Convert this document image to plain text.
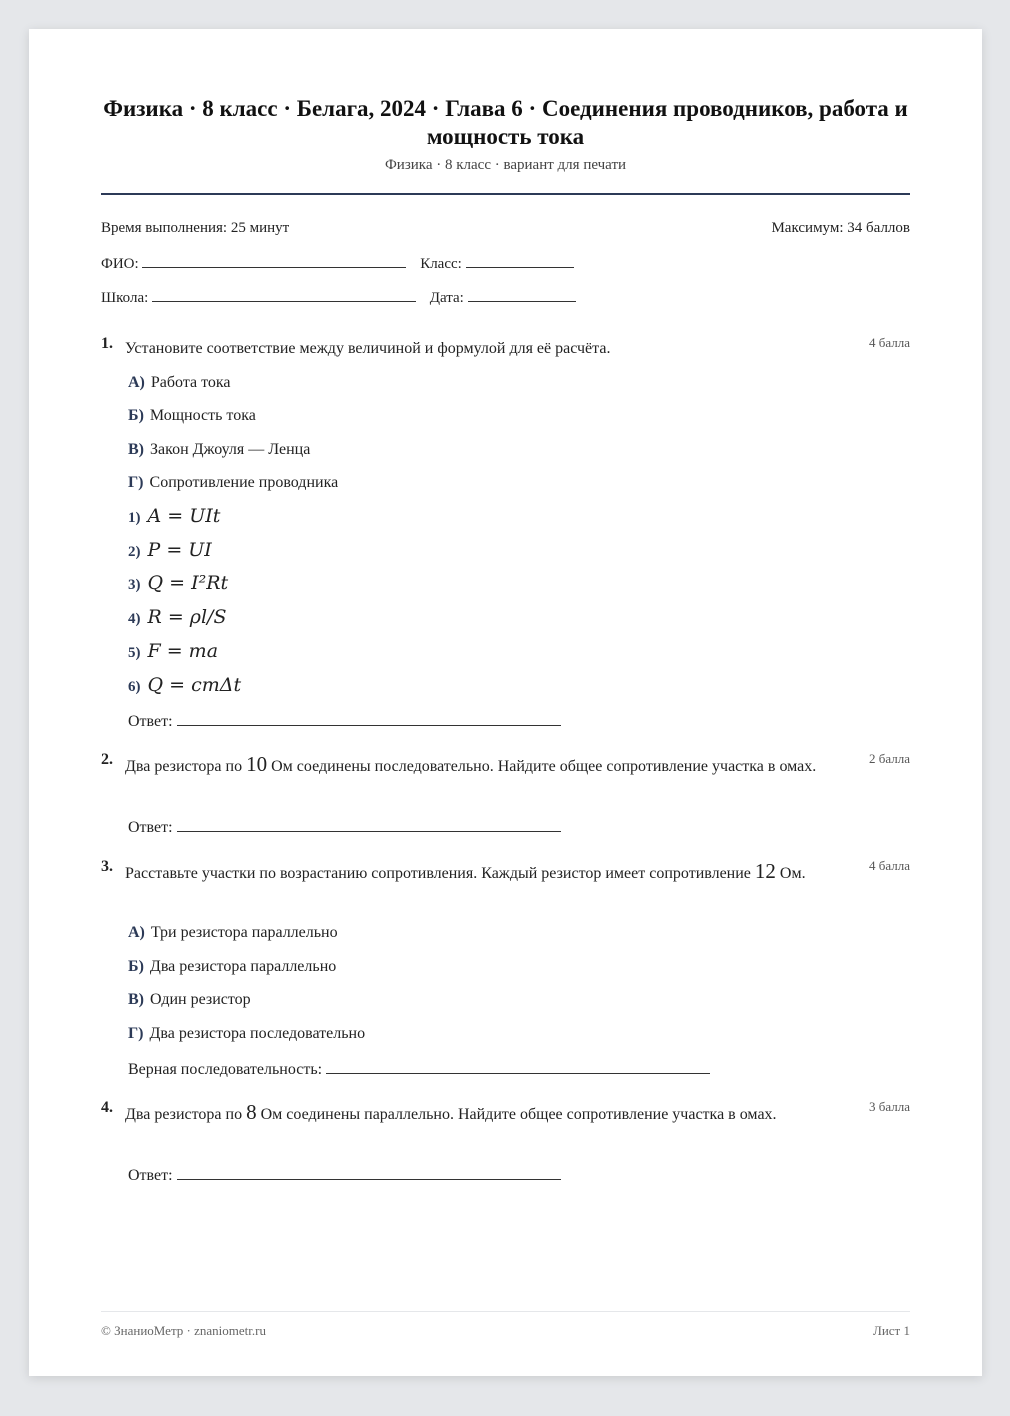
Физика · 8 класс · Белага, 2024 · Глава 6 · Соединения проводников, работа и мощность тока
Физика · 8 класс · вариант для печати
Время выполнения: 25 минут	Максимум: 34 баллов
ФИО:	Класс:
Школа:	Дата:
1. Установите соответствие между величиной и формулой для её расчёта.	4 балла
А) Работа тока
Б) Мощность тока
В) Закон Джоуля — Ленца
Г) Сопротивление проводника
1) A = UIt
2) P = UI
3) Q = I²Rt
4) R = ρl/S
5) F = ma
6) Q = cmΔt
Ответ:
2. Два резистора по 10 Ом соединены последовательно. Найдите общее сопротивление участка в омах.	2 балла
Ответ:
3. Расставьте участки по возрастанию сопротивления. Каждый резистор имеет сопротивление 12 Ом.	4 балла
А) Три резистора параллельно
Б) Два резистора параллельно
В) Один резистор
Г) Два резистора последовательно
Верная последовательность:
4. Два резистора по 8 Ом соединены параллельно. Найдите общее сопротивление участка в омах.	3 балла
Ответ:
© ЗнаниоМетр · znaniometr.ru	Лист 1
